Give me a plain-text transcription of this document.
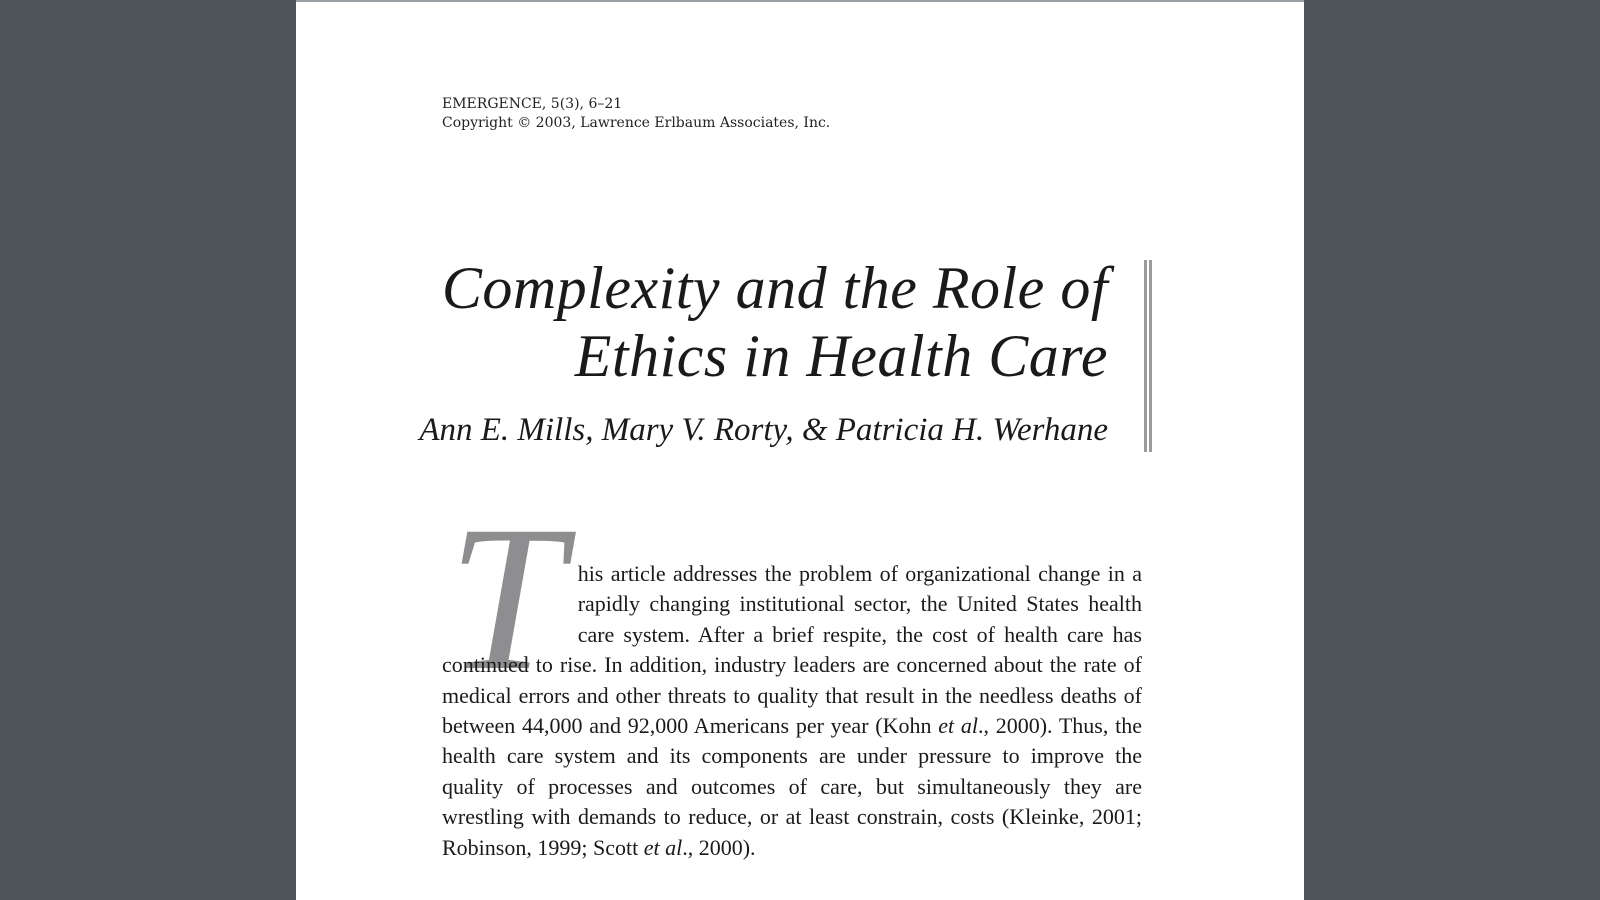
EMERGENCE, 5(3), 6–21
Copyright © 2003, Lawrence Erlbaum Associates, Inc.
Complexity and the Role of
Ethics in Health Care
Ann E. Mills, Mary V. Rorty, & Patricia H. Werhane
This article addresses the problem of organizational change in a rapidly changing institutional sector, the United States health care system. After a brief respite, the cost of health care has continued to rise. In addition, industry leaders are concerned about the rate of medical errors and other threats to quality that result in the needless deaths of between 44,000 and 92,000 Americans per year (Kohn et al., 2000). Thus, the health care system and its components are under pressure to improve the quality of processes and outcomes of care, but simultaneously they are wrestling with demands to reduce, or at least constrain, costs (Kleinke, 2001; Robinson, 1999; Scott et al., 2000).
